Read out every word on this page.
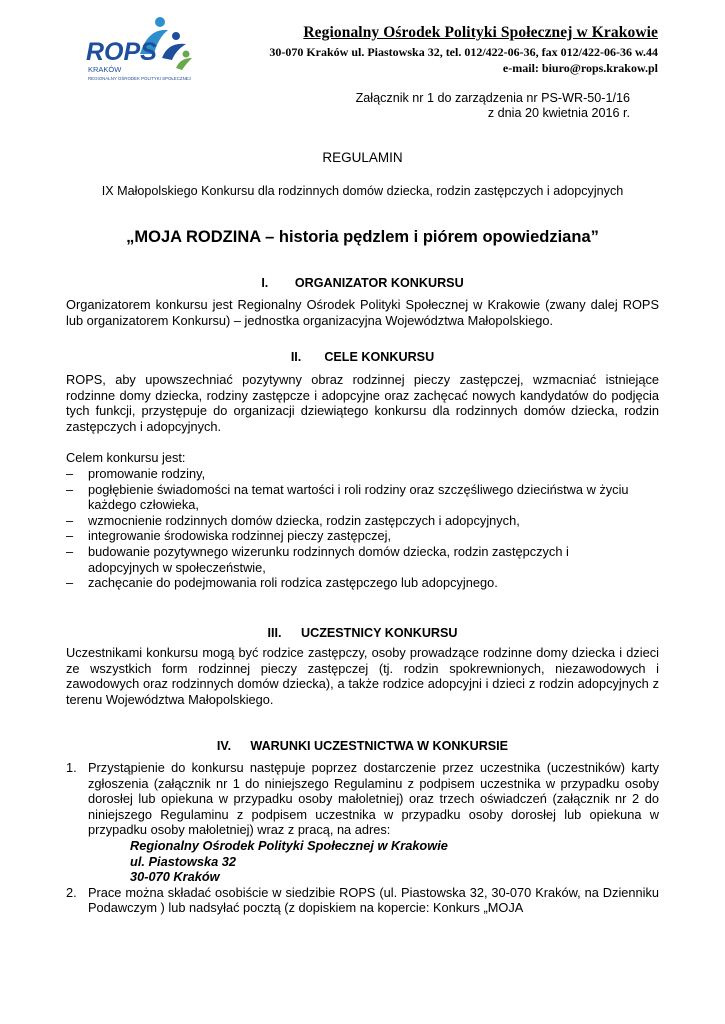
ROPS
KRAKÓW
REGIONALNY OŚRODEK POLITYKI SPOŁECZNEJ
Regionalny Ośrodek Polityki Społecznej w Krakowie
30-070 Kraków ul. Piastowska 32, tel. 012/422-06-36, fax 012/422-06-36 w.44
e-mail: biuro@rops.krakow.pl
Załącznik nr 1 do zarządzenia nr PS-WR-50-1/16
z dnia 20 kwietnia 2016 r.
REGULAMIN
IX Małopolskiego Konkursu dla rodzinnych domów dziecka, rodzin zastępczych i adopcyjnych
„MOJA RODZINA – historia pędzlem i piórem opowiedziana”
I. ORGANIZATOR KONKURSU

Organizatorem konkursu jest Regionalny Ośrodek Polityki Społecznej w Krakowie (zwany dalej ROPS lub organizatorem Konkursu) – jednostka organizacyjna Województwa Małopolskiego.

II. CELE KONKURSU

ROPS, aby upowszechniać pozytywny obraz rodzinnej pieczy zastępczej, wzmacniać istniejące rodzinne domy dziecka, rodziny zastępcze i adopcyjne oraz zachęcać nowych kandydatów do podjęcia tych funkcji, przystępuje do organizacji dziewiątego konkursu dla rodzinnych domów dziecka, rodzin zastępczych i adopcyjnych.

Celem konkursu jest:

– promowanie rodziny,
– pogłębienie świadomości na temat wartości i roli rodziny oraz szczęśliwego dzieciństwa w życiu każdego człowieka,
– wzmocnienie rodzinnych domów dziecka, rodzin zastępczych i adopcyjnych,
– integrowanie środowiska rodzinnej pieczy zastępczej,
– budowanie pozytywnego wizerunku rodzinnych domów dziecka, rodzin zastępczych i adopcyjnych w społeczeństwie,
– zachęcanie do podejmowania roli rodzica zastępczego lub adopcyjnego.
III. UCZESTNICY KONKURSU

Uczestnikami konkursu mogą być rodzice zastępczy, osoby prowadzące rodzinne domy dziecka i dzieci ze wszystkich form rodzinnej pieczy zastępczej (tj. rodzin spokrewnionych, niezawodowych i zawodowych oraz rodzinnych domów dziecka), a także rodzice adopcyjni i dzieci z rodzin adopcyjnych z terenu Województwa Małopolskiego.

IV. WARUNKI UCZESTNICTWA W KONKURSIE
1. Przystąpienie do konkursu następuje poprzez dostarczenie przez uczestnika (uczestników) karty zgłoszenia (załącznik nr 1 do niniejszego Regulaminu z podpisem uczestnika w przypadku osoby dorosłej lub opiekuna w przypadku osoby małoletniej) oraz trzech oświadczeń (załącznik nr 2 do niniejszego Regulaminu z podpisem uczestnika w przypadku osoby dorosłej lub opiekuna w przypadku osoby małoletniej) wraz z pracą, na adres:
Regionalny Ośrodek Polityki Społecznej w Krakowie
ul. Piastowska 32
30-070 Kraków
2. Prace można składać osobiście w siedzibie ROPS (ul. Piastowska 32, 30-070 Kraków, na Dzienniku Podawczym ) lub nadsyłać pocztą (z dopiskiem na kopercie: Konkurs „MOJA
